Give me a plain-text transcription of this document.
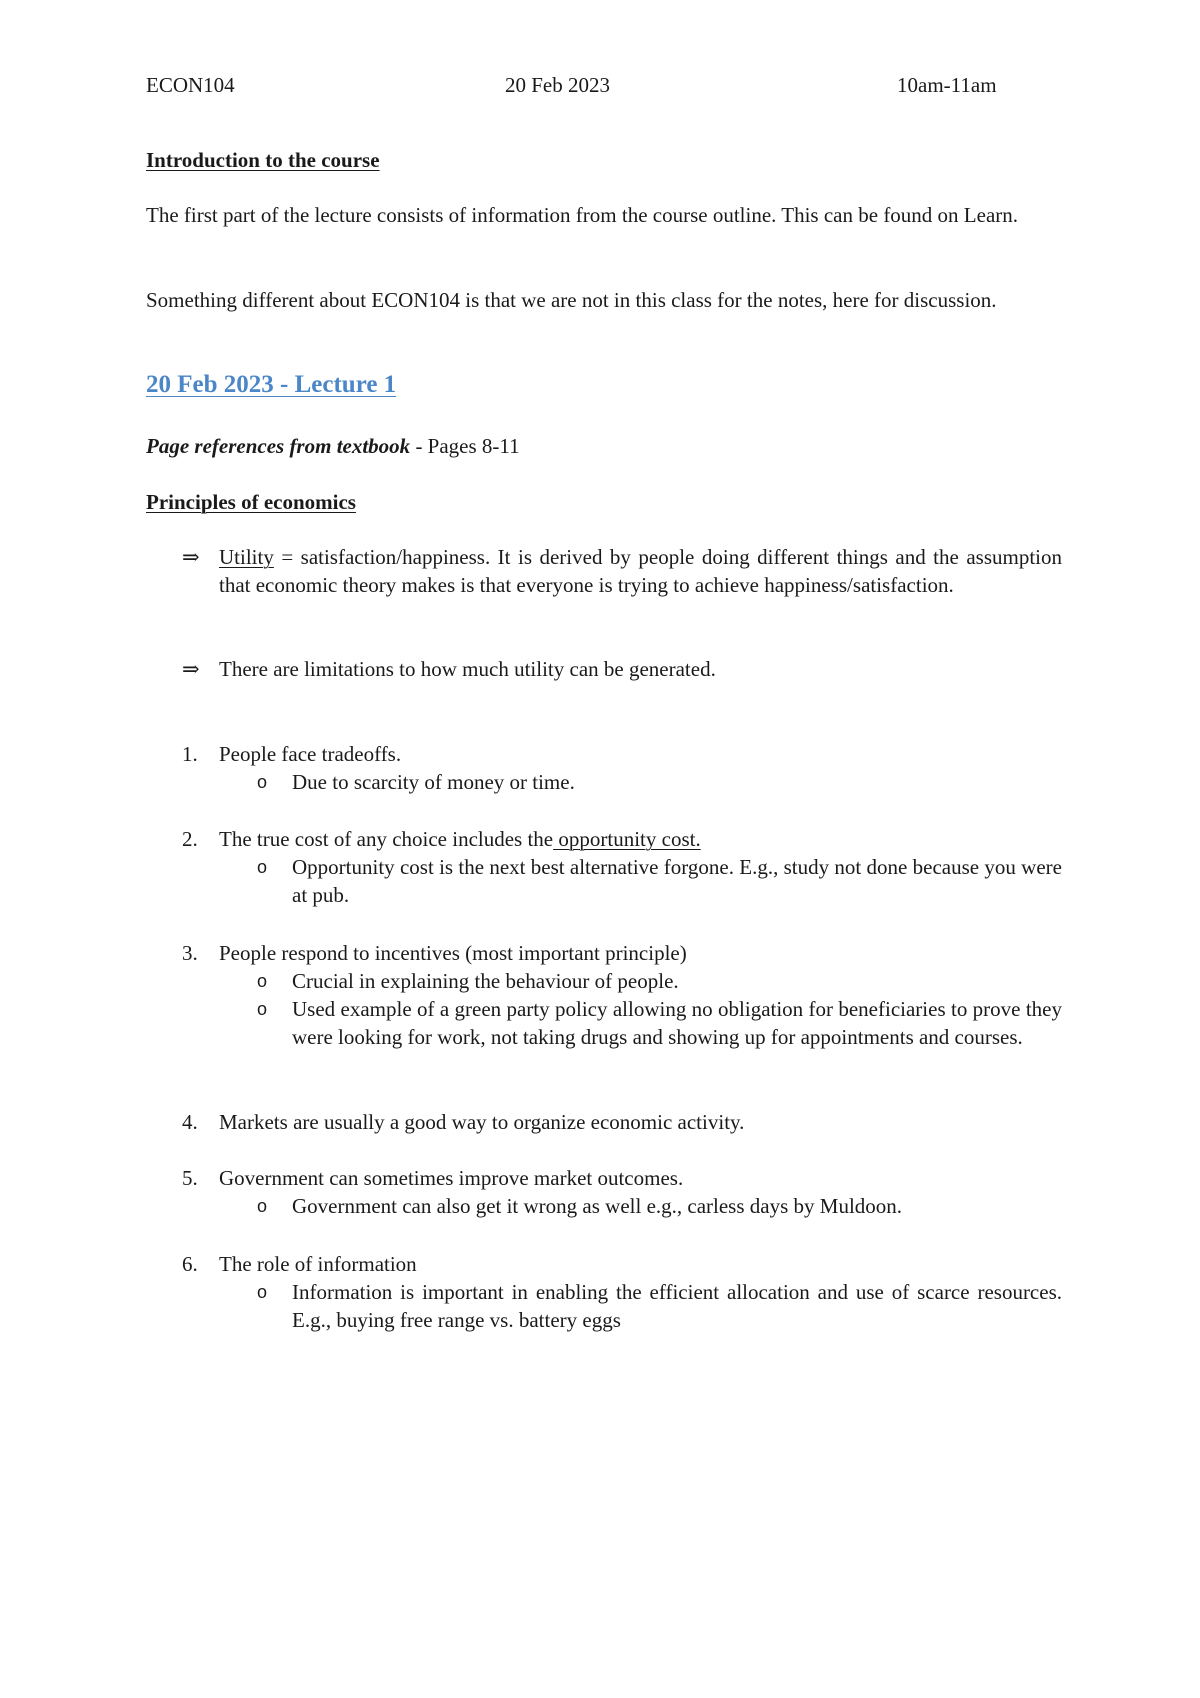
ECON104	20 Feb 2023	10am-11am
Introduction to the course
The first part of the lecture consists of information from the course outline. This can be found on Learn.
Something different about ECON104 is that we are not in this class for the notes, here for discussion.
20 Feb 2023 - Lecture 1
Page references from textbook - Pages 8-11
Principles of economics
⇒ Utility = satisfaction/happiness. It is derived by people doing different things and the assumption that economic theory makes is that everyone is trying to achieve happiness/satisfaction.
⇒ There are limitations to how much utility can be generated.
1. People face tradeoffs.
o Due to scarcity of money or time.
2. The true cost of any choice includes the opportunity cost.
o Opportunity cost is the next best alternative forgone. E.g., study not done because you were at pub.
3. People respond to incentives (most important principle)
o Crucial in explaining the behaviour of people.
o Used example of a green party policy allowing no obligation for beneficiaries to prove they were looking for work, not taking drugs and showing up for appointments and courses.
4. Markets are usually a good way to organize economic activity.
5. Government can sometimes improve market outcomes.
o Government can also get it wrong as well e.g., carless days by Muldoon.
6. The role of information
o Information is important in enabling the efficient allocation and use of scarce resources. E.g., buying free range vs. battery eggs
